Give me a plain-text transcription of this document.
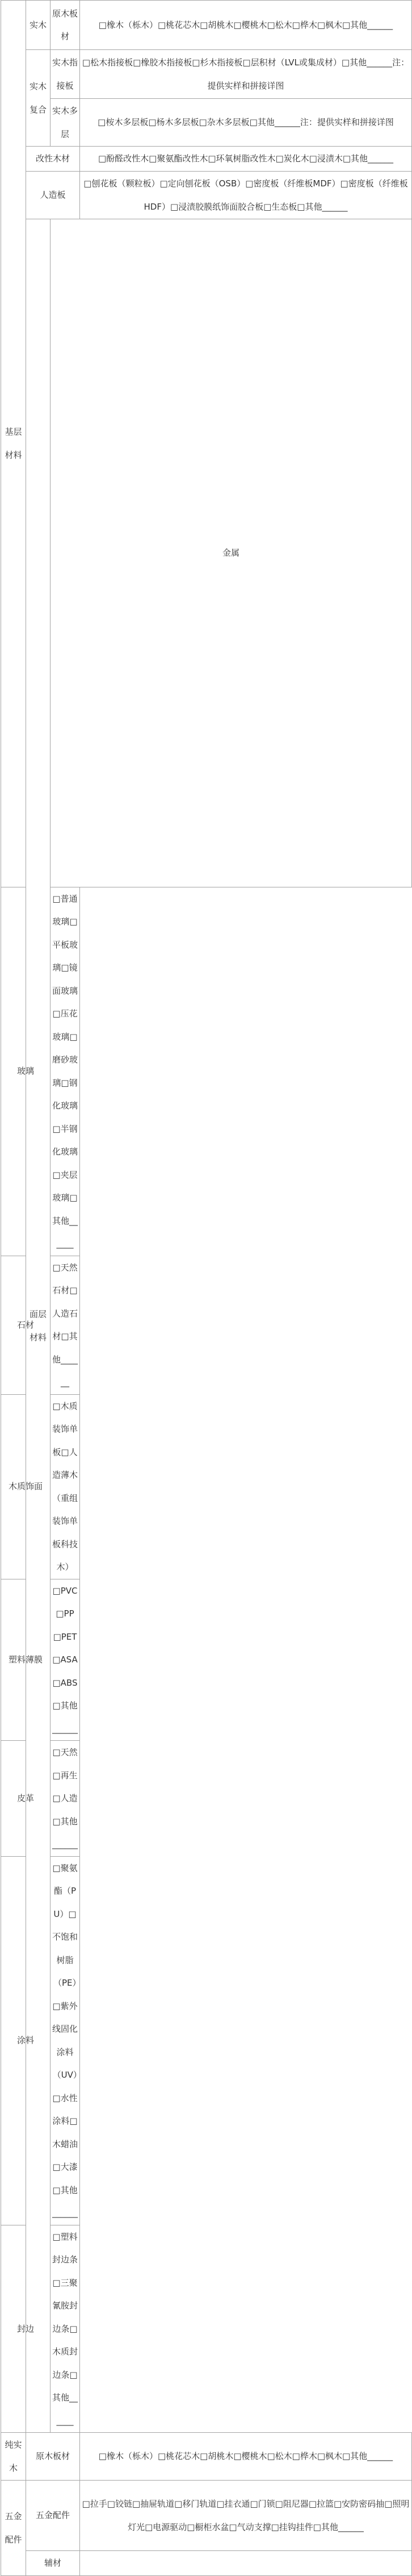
基层材料	实木	原木板材	□橡木（栎木）□桃花芯木□胡桃木□樱桃木□松木□桦木□枫木□其他______	
	实木复合	实木指接板	□松木指接板□橡胶木指接板□杉木指接板□层积材（LVL或集成材）□其他______注：提供实样和拼接详图	
		实木多层	□桉木多层板□杨木多层板□杂木多层板□其他______注：提供实样和拼接详图	
	改性木材		□酚醛改性木□聚氨酯改性木□环氧树脂改性木□炭化木□浸渍木□其他______	
	人造板		□刨花板（颗粒板）□定向刨花板（OSB）□密度板（纤维板MDF）□密度板（纤维板HDF）□浸渍胶膜纸饰面胶合板□生态板□其他______	
	面层材料	金属	
玻璃		□普通玻璃□平板玻璃□镜面玻璃□压花玻璃□磨砂玻璃□钢化玻璃□半钢化玻璃□夹层玻璃□其他______		
石材		□天然石材□人造石材□其他______		
木质饰面		□木质装饰单板□人造薄木（重组装饰单板科技木）		
塑料薄膜		□PVC□PP□PET□ASA□ABS□其他______		
皮革		□天然□再生□人造□其他______		
涂料		□聚氨酯（PU）□不饱和树脂（PE）□紫外线固化涂料（UV）□水性涂料□木蜡油□大漆□其他______		
封边		□塑料封边条□三聚氰胺封边条□木质封边条□其他______		
纯实木	原木板材		□橡木（栎木）□桃花芯木□胡桃木□樱桃木□松木□桦木□枫木□其他______	
五金配件	五金配件		□拉手□铰链□抽屉轨道□移门轨道□挂衣通□门锁□阻尼器□拉篮□安防密码抽□照明灯光□电源驱动□橱柜水盆□气动支撑□挂钩挂件□其他______	
	辅材			
